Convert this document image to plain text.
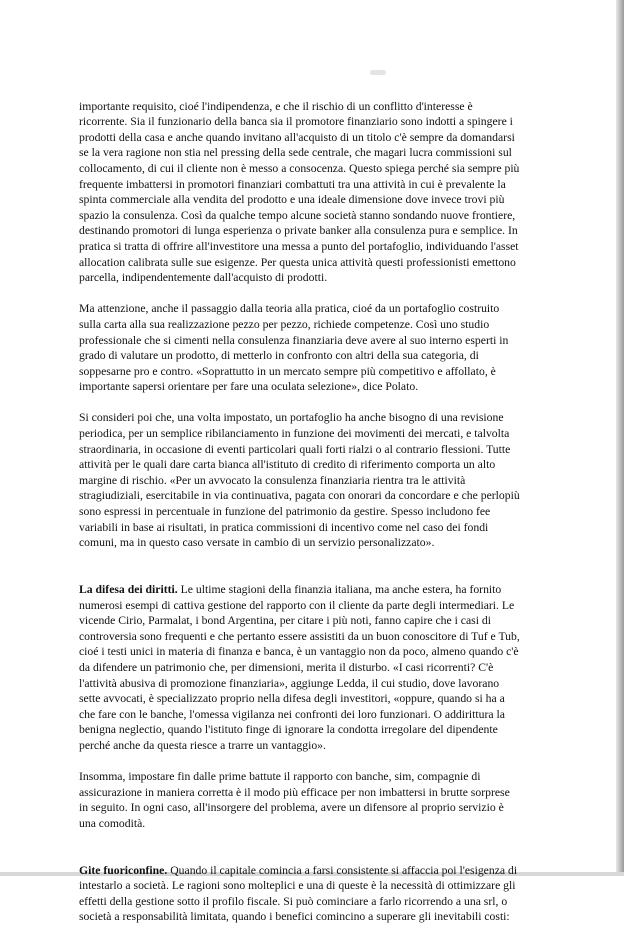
importante requisito, cioé l'indipendenza, e che il rischio di un conflitto d'interesse è
ricorrente. Sia il funzionario della banca sia il promotore finanziario sono indotti a spingere i
prodotti della casa e anche quando invitano all'acquisto di un titolo c'è sempre da domandarsi
se la vera ragione non stia nel pressing della sede centrale, che magari lucra commissioni sul
collocamento, di cui il cliente non è messo a consocenza. Questo spiega perché sia sempre più
frequente imbattersi in promotori finanziari combattuti tra una attività in cui è prevalente la
spinta commerciale alla vendita del prodotto e una ideale dimensione dove invece trovi più
spazio la consulenza. Così da qualche tempo alcune società stanno sondando nuove frontiere,
destinando promotori di lunga esperienza o private banker alla consulenza pura e semplice. In
pratica si tratta di offrire all'investitore una messa a punto del portafoglio, individuando l'asset
allocation calibrata sulle sue esigenze. Per questa unica attività questi professionisti emettono
parcella, indipendentemente dall'acquisto di prodotti.

Ma attenzione, anche il passaggio dalla teoria alla pratica, cioé da un portafoglio costruito
sulla carta alla sua realizzazione pezzo per pezzo, richiede competenze. Così uno studio
professionale che si cimenti nella consulenza finanziaria deve avere al suo interno esperti in
grado di valutare un prodotto, di metterlo in confronto con altri della sua categoria, di
soppesarne pro e contro. «Soprattutto in un mercato sempre più competitivo e affollato, è
importante sapersi orientare per fare una oculata selezione», dice Polato.

Si consideri poi che, una volta impostato, un portafoglio ha anche bisogno di una revisione
periodica, per un semplice ribilanciamento in funzione dei movimenti dei mercati, e talvolta
straordinaria, in occasione di eventi particolari quali forti rialzi o al contrario flessioni. Tutte
attività per le quali dare carta bianca all'istituto di credito di riferimento comporta un alto
margine di rischio. «Per un avvocato la consulenza finanziaria rientra tra le attività
stragiudiziali, esercitabile in via continuativa, pagata con onorari da concordare e che perlopiù
sono espressi in percentuale in funzione del patrimonio da gestire. Spesso includono fee
variabili in base ai risultati, in pratica commissioni di incentivo come nel caso dei fondi
comuni, ma in questo caso versate in cambio di un servizio personalizzato».

La difesa dei diritti. Le ultime stagioni della finanzia italiana, ma anche estera, ha fornito
numerosi esempi di cattiva gestione del rapporto con il cliente da parte degli intermediari. Le
vicende Cirio, Parmalat, i bond Argentina, per citare i più noti, fanno capire che i casi di
controversia sono frequenti e che pertanto essere assistiti da un buon conoscitore di Tuf e Tub,
cioé i testi unici in materia di finanza e banca, è un vantaggio non da poco, almeno quando c'è
da difendere un patrimonio che, per dimensioni, merita il disturbo. «I casi ricorrenti? C'è
l'attività abusiva di promozione finanziaria», aggiunge Ledda, il cui studio, dove lavorano
sette avvocati, è specializzato proprio nella difesa degli investitori, «oppure, quando si ha a
che fare con le banche, l'omessa vigilanza nei confronti dei loro funzionari. O addirittura la
benigna neglectio, quando l'istituto finge di ignorare la condotta irregolare del dipendente
perché anche da questa riesce a trarre un vantaggio».

Insomma, impostare fin dalle prime battute il rapporto con banche, sim, compagnie di
assicurazione in maniera corretta è il modo più efficace per non imbattersi in brutte sorprese
in seguito. In ogni caso, all'insorgere del problema, avere un difensore al proprio servizio è
una comodità.

Gite fuoriconfine. Quando il capitale comincia a farsi consistente si affaccia poi l'esigenza di
intestarlo a società. Le ragioni sono molteplici e una di queste è la necessità di ottimizzare gli
effetti della gestione sotto il profilo fiscale. Si può cominciare a farlo ricorrendo a una srl, o
società a responsabilità limitata, quando i benefici comincino a superare gli inevitabili costi:
